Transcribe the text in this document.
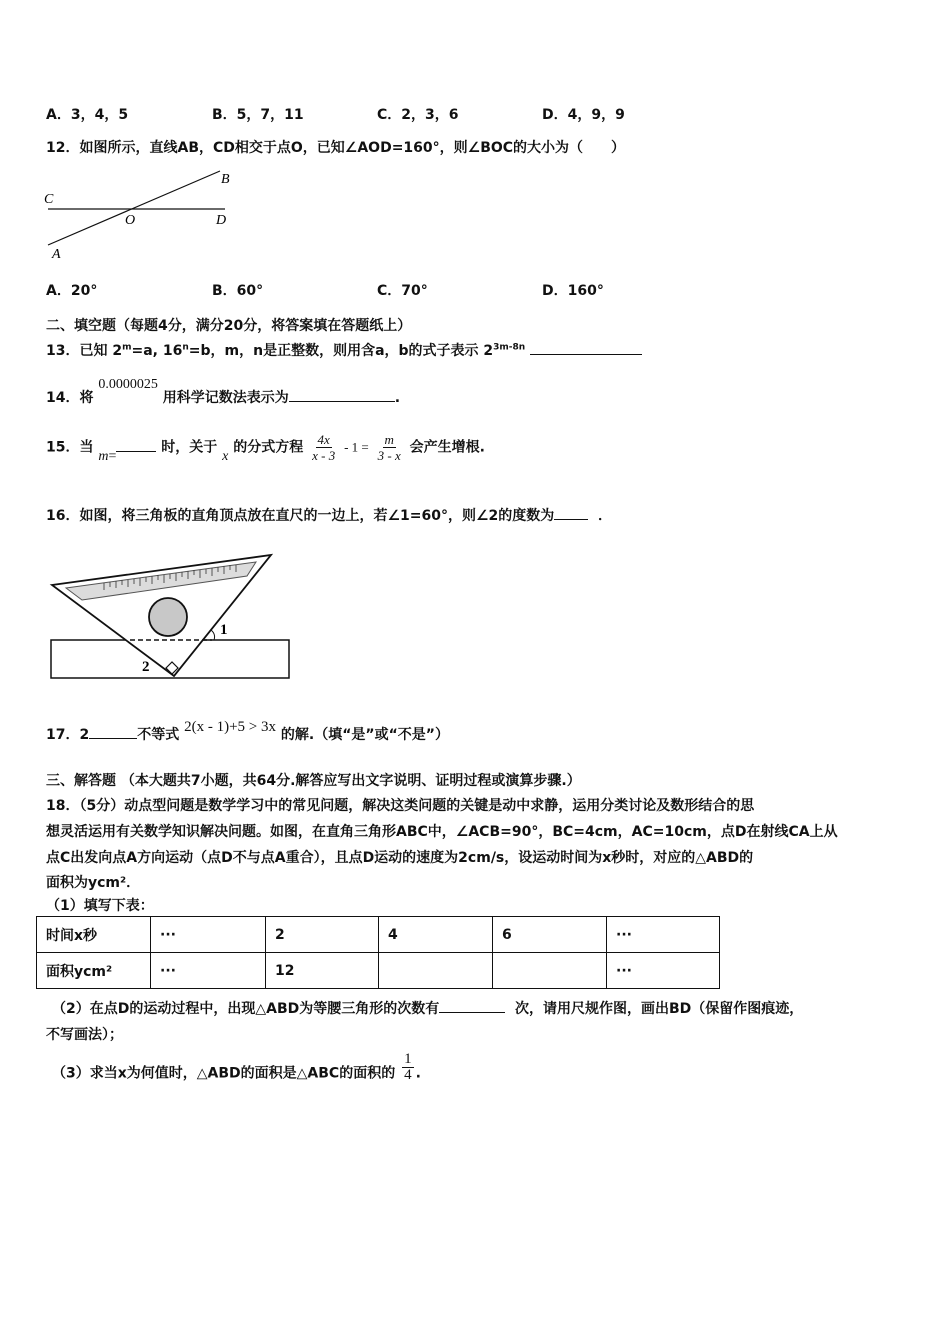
A．3，4，5	B．5，7，11	C．2，3，6	D．4，9，9
12．如图所示，直线AB，CD相交于点O，已知∠AOD=160°，则∠BOC的大小为（　　）
C
B
O	D
A
A．20°	B．60°	C．70°	D．160°
二、填空题（每题4分，满分20分，将答案填在答题纸上）
13．已知 $2^m=a$, $16^n=b$，m，n是正整数，则用含a，b的式子表示 $2^{3m-8n}$
14．将 0.0000025 用科学记数法表示为	.
15．当 m= 时，关于 x 的分式方程 $\frac{4x}{x - 3} - 1 = \frac{m}{3 - x}$ 会产生增根.
16．如图，将三角板的直角顶点放在直尺的一边上，若∠1=60°，则∠2的度数为	．
1
2
17．2	不等式 2(x - 1)+5 > 3x 的解.（填“是”或“不是”）
三、解答题 （本大题共7小题，共64分.解答应写出文字说明、证明过程或演算步骤.）
18．（5分）动点型问题是数学学习中的常见问题，解决这类问题的关键是动中求静，运用分类讨论及数形结合的思
想灵活运用有关数学知识解决问题。如图，在直角三角形ABC中，∠ACB=90°，BC=4cm，AC=10cm，点D在射线CA上从
点C出发向点A方向运动（点D不与点A重合），且点D运动的速度为2cm/s，设运动时间为x秒时，对应的△ABD的
面积为ycm²．
（1）填写下表：
时间x秒	···	2	4	6	···
面积ycm²	···	12			···
（2）在点D的运动过程中，出现△ABD为等腰三角形的次数有	次，请用尺规作图，画出BD（保留作图痕迹，
不写画法）；
（3）求当x为何值时，△ABD的面积是△ABC的面积的 $\frac{1}{4}$ .
